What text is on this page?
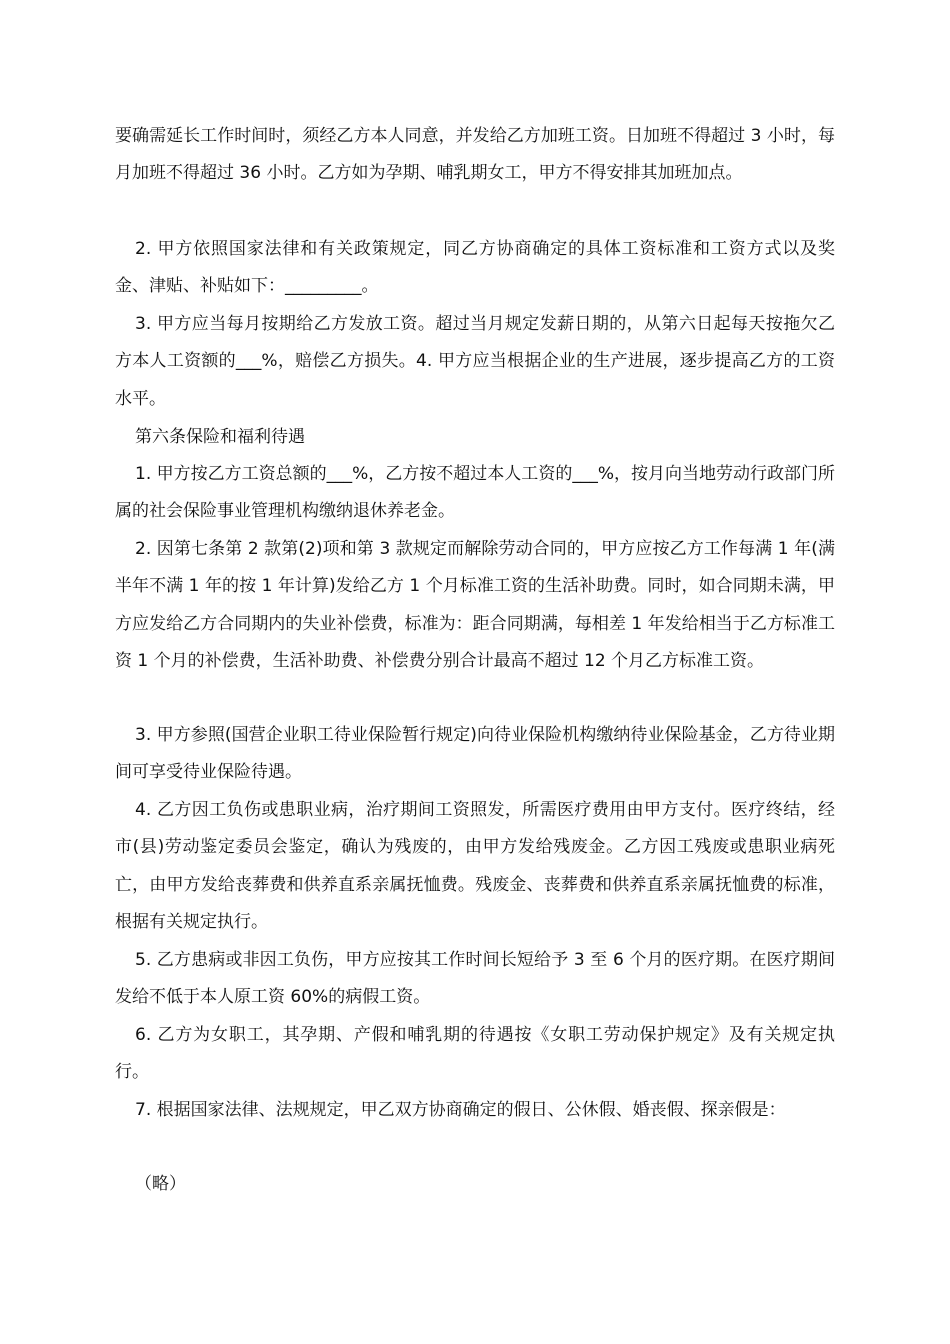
要确需延长工作时间时，须经乙方本人同意，并发给乙方加班工资。日加班不得超过 3 小时，每月加班不得超过 36 小时。乙方如为孕期、哺乳期女工，甲方不得安排其加班加点。

2. 甲方依照国家法律和有关政策规定，同乙方协商确定的具体工资标准和工资方式以及奖金、津贴、补贴如下：_________。

3. 甲方应当每月按期给乙方发放工资。超过当月规定发薪日期的，从第六日起每天按拖欠乙方本人工资额的___%，赔偿乙方损失。4. 甲方应当根据企业的生产进展，逐步提高乙方的工资水平。

第六条保险和福利待遇

1. 甲方按乙方工资总额的___%，乙方按不超过本人工资的___%，按月向当地劳动行政部门所属的社会保险事业管理机构缴纳退休养老金。

2. 因第七条第 2 款第(2)项和第 3 款规定而解除劳动合同的，甲方应按乙方工作每满 1 年(满半年不满 1 年的按 1 年计算)发给乙方 1 个月标准工资的生活补助费。同时，如合同期未满，甲方应发给乙方合同期内的失业补偿费，标准为：距合同期满，每相差 1 年发给相当于乙方标准工资 1 个月的补偿费，生活补助费、补偿费分别合计最高不超过 12 个月乙方标准工资。

3. 甲方参照(国营企业职工待业保险暂行规定)向待业保险机构缴纳待业保险基金，乙方待业期间可享受待业保险待遇。

4. 乙方因工负伤或患职业病，治疗期间工资照发，所需医疗费用由甲方支付。医疗终结，经市(县)劳动鉴定委员会鉴定，确认为残废的，由甲方发给残废金。乙方因工残废或患职业病死亡，由甲方发给丧葬费和供养直系亲属抚恤费。残废金、丧葬费和供养直系亲属抚恤费的标准，根据有关规定执行。

5. 乙方患病或非因工负伤，甲方应按其工作时间长短给予 3 至 6 个月的医疗期。在医疗期间发给不低于本人原工资 60%的病假工资。

6. 乙方为女职工，其孕期、产假和哺乳期的待遇按《女职工劳动保护规定》及有关规定执行。

7. 根据国家法律、法规规定，甲乙双方协商确定的假日、公休假、婚丧假、探亲假是：

（略）
